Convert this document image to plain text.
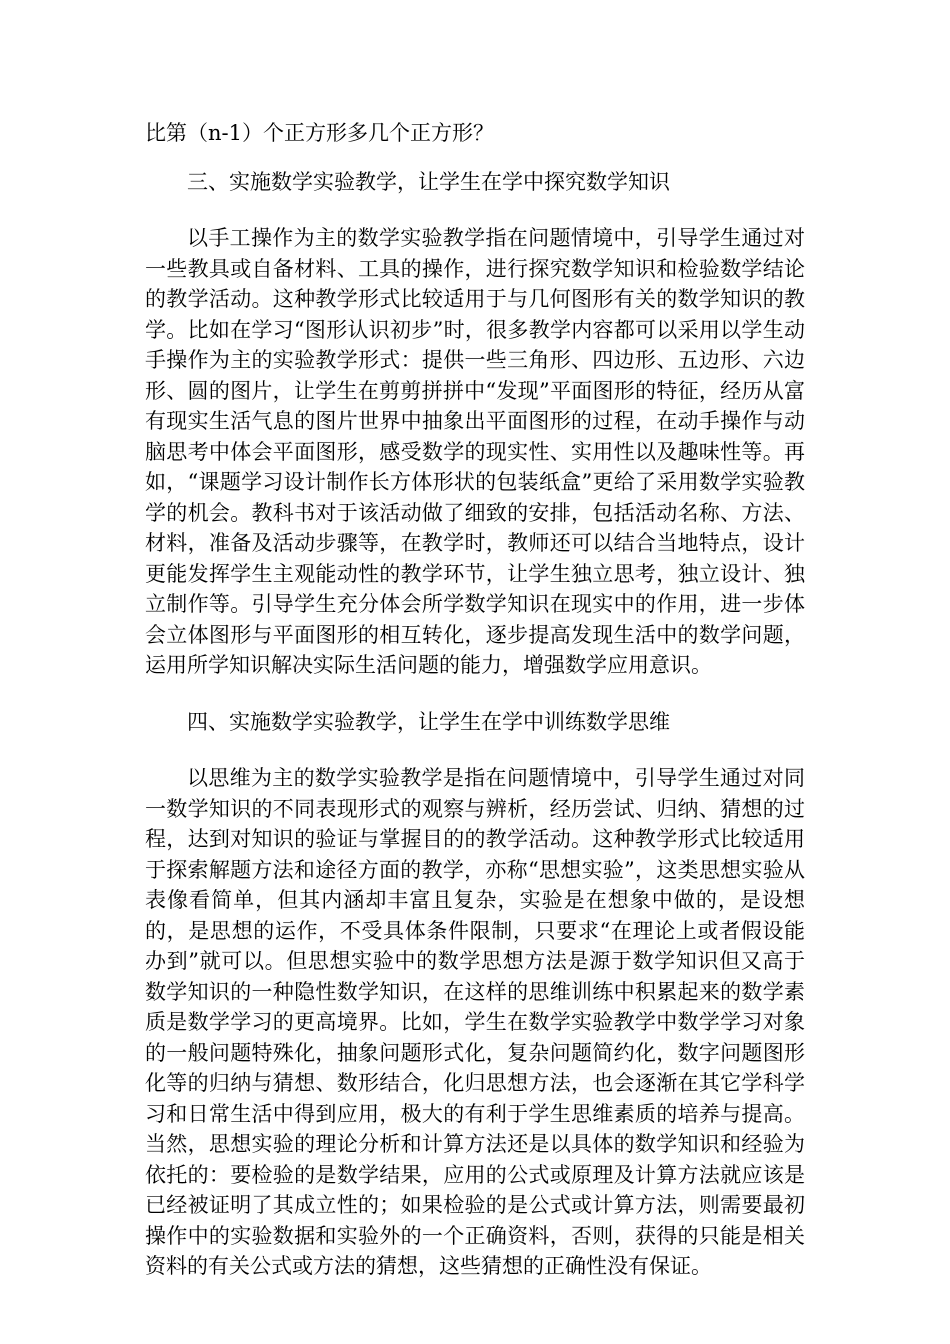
比第（n-1）个正方形多几个正方形？

三、实施数学实验教学，让学生在学中探究数学知识

以手工操作为主的数学实验教学指在问题情境中，引导学生通过对一些教具或自备材料、工具的操作，进行探究数学知识和检验数学结论的教学活动。这种教学形式比较适用于与几何图形有关的数学知识的教学。比如在学习“图形认识初步”时，很多教学内容都可以采用以学生动手操作为主的实验教学形式：提供一些三角形、四边形、五边形、六边形、圆的图片，让学生在剪剪拼拼中“发现”平面图形的特征，经历从富有现实生活气息的图片世界中抽象出平面图形的过程，在动手操作与动脑思考中体会平面图形，感受数学的现实性、实用性以及趣味性等。再如，“课题学习设计制作长方体形状的包装纸盒”更给了采用数学实验教学的机会。教科书对于该活动做了细致的安排，包括活动名称、方法、材料，准备及活动步骤等，在教学时，教师还可以结合当地特点，设计更能发挥学生主观能动性的教学环节，让学生独立思考，独立设计、独立制作等。引导学生充分体会所学数学知识在现实中的作用，进一步体会立体图形与平面图形的相互转化，逐步提高发现生活中的数学问题，运用所学知识解决实际生活问题的能力，增强数学应用意识。

四、实施数学实验教学，让学生在学中训练数学思维

以思维为主的数学实验教学是指在问题情境中，引导学生通过对同一数学知识的不同表现形式的观察与辨析，经历尝试、归纳、猜想的过程，达到对知识的验证与掌握目的的教学活动。这种教学形式比较适用于探索解题方法和途径方面的教学，亦称“思想实验”，这类思想实验从表像看简单，但其内涵却丰富且复杂，实验是在想象中做的，是设想的，是思想的运作，不受具体条件限制，只要求“在理论上或者假设能办到”就可以。但思想实验中的数学思想方法是源于数学知识但又高于数学知识的一种隐性数学知识，在这样的思维训练中积累起来的数学素质是数学学习的更高境界。比如，学生在数学实验教学中数学学习对象的一般问题特殊化，抽象问题形式化，复杂问题简约化，数字问题图形化等的归纳与猜想、数形结合，化归思想方法，也会逐渐在其它学科学习和日常生活中得到应用，极大的有利于学生思维素质的培养与提高。当然，思想实验的理论分析和计算方法还是以具体的数学知识和经验为依托的：要检验的是数学结果，应用的公式或原理及计算方法就应该是已经被证明了其成立性的；如果检验的是公式或计算方法，则需要最初操作中的实验数据和实验外的一个正确资料，否则，获得的只能是相关资料的有关公式或方法的猜想，这些猜想的正确性没有保证。
